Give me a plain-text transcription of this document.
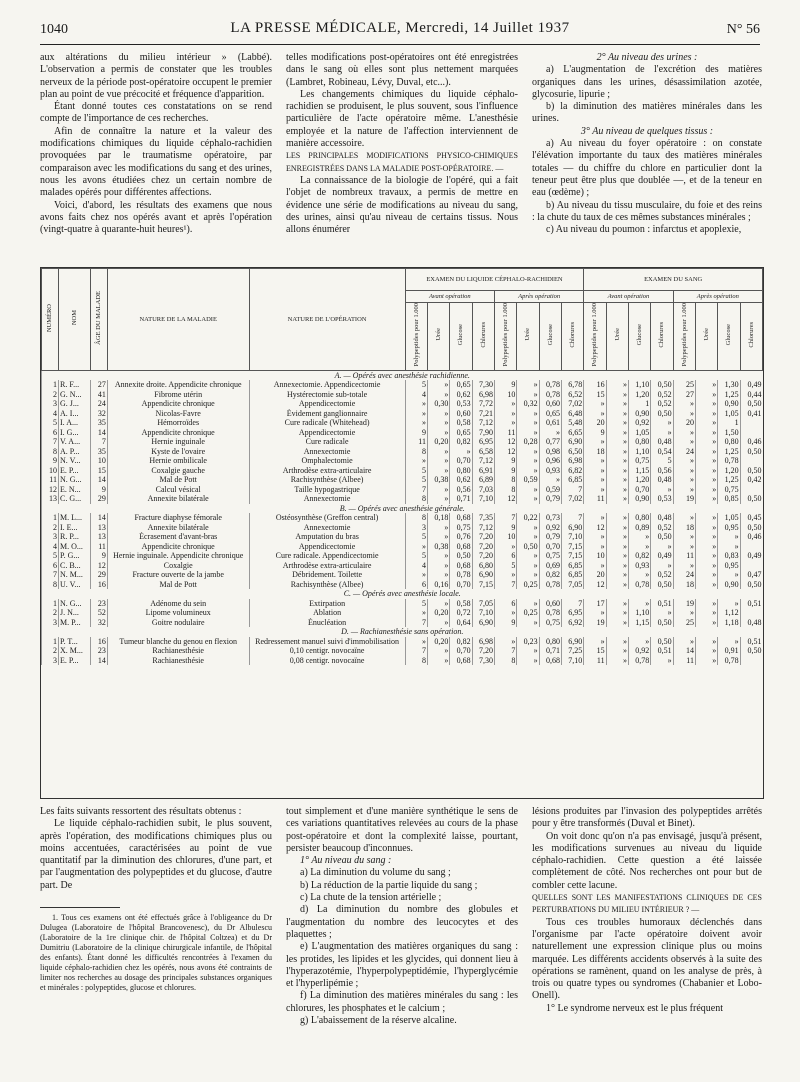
1040	LA PRESSE MÉDICALE, Mercredi, 14 Juillet 1937	N° 56

aux altérations du milieu intérieur » (Labbé). L'observation a permis de constater que les troubles nerveux de la période post-opératoire occupent le premier plan au point de vue précocité et fréquence d'apparition.

Étant donné toutes ces constatations on se rend compte de l'importance de ces recherches.

Afin de connaître la nature et la valeur des modifications chimiques du liquide céphalo-rachidien provoquées par le traumatisme opératoire, par comparaison avec les modifications du sang et des urines, nous les avons étudiées chez un certain nombre de malades opérés pour différentes affections.

Voici, d'abord, les résultats des examens que nous avons faits chez nos opérés avant et après l'opération (vingt-quatre à quarante-huit heures¹).

telles modifications post-opératoires ont été enregistrées dans le sang où elles sont plus nettement marquées (Lambret, Robineau, Lévy, Duval, etc...).

Les changements chimiques du liquide céphalo-rachidien se produisent, le plus souvent, sous l'influence particulière de l'acte opératoire même. L'anesthésie employée et la nature de l'affection interviennent de manière accessoire.

LES PRINCIPALES MODIFICATIONS PHYSICO-CHIMIQUES ENREGISTRÉES DANS LA MALADIE POST-OPÉRATOIRE. —

La connaissance de la biologie de l'opéré, qui a fait l'objet de nombreux travaux, a permis de mettre en évidence une série de modifications au niveau du sang, des urines, ainsi qu'au niveau de certains tissus. Nous allons énumérer

2° Au niveau des urines :

a) L'augmentation de l'excrétion des matières organiques dans les urines, désassimilation azotée, glycosurie, lipurie ;

b) la diminution des matières minérales dans les urines.

3° Au niveau de quelques tissus :

a) Au niveau du foyer opératoire : on constate l'élévation importante du taux des matières minérales totales — du chiffre du chlore en particulier dont la teneur peut être plus que doublée —, et de la teneur en eau (œdème) ;

b) Au niveau du tissu musculaire, du foie et des reins : la chute du taux de ces mêmes substances minérales ;

c) Au niveau du poumon : infarctus et apoplexie,

NUMÉRO	NOM	ÂGE DU MALADE	NATURE DE LA MALADIE	NATURE DE L'OPÉRATION	EXAMEN DU LIQUIDE CÉPHALO-RACHIDIEN								EXAMEN DU SANG							
					Avant opération				Après opération				Avant opération				Après opération			
					Polypeptides pour 1.000	Urée	Glucose	Chlorures	Polypeptides pour 1.000	Urée	Glucose	Chlorures	Polypeptides pour 1.000	Urée	Glucose	Chlorures	Polypeptides pour 1.000	Urée	Glucose	Chlorures
A. — Opérés avec anesthésie rachidienne.																				
1	R. F...	27	Annexite droite. Appendicite chronique	Annexectomie. Appendicectomie	5	»	0,65	7,30	9	»	0,78	6,78	16	»	1,10	0,50	25	»	1,30	0,49
2	G. N...	41	Fibrome utérin	Hystérectomie sub-totale	4	»	0,62	6,98	10	»	0,78	6,52	15	»	1,20	0,52	27	»	1,25	0,44
3	G. J...	24	Appendicite chronique	Appendicectomie	»	0,30	0,53	7,72	»	0,32	0,60	7,02	»	»	1	0,52	»	»	0,90	0,50
4	A. I...	32	Nicolas-Favre	Évidement ganglionnaire	»	»	0,60	7,21	»	»	0,65	6,48	»	»	0,90	0,50	»	»	1,05	0,41
5	I. A...	35	Hémorroïdes	Cure radicale (Whitehead)	»	»	0,58	7,12	»	»	0,61	5,48	20	»	0,92	»	20	»	1	
6	I. G...	14	Appendicite chronique	Appendicectomie	9	»	0,65	7,90	11	»	»	6,65	9	»	1,05	»	»	»	1,50	
7	V. A...	7	Hernie inguinale	Cure radicale	11	0,20	0,82	6,95	12	0,28	0,77	6,90	»	»	0,80	0,48	»	»	0,80	0,46
8	A. P...	35	Kyste de l'ovaire	Annexectomie	8	»	»	6,58	12	»	0,98	6,50	18	»	1,10	0,54	24	»	1,25	0,50
9	N. V...	10	Hernie ombilicale	Omphalectomie	»	»	0,70	7,12	9	»	0,96	6,98	»	»	0,75	5	»	»	0,78	
10	E. P...	15	Coxalgie gauche	Arthrodèse extra-articulaire	5	»	0,80	6,91	9	»	0,93	6,82	»	»	1,15	0,56	»	»	1,20	0,50
11	N. G...	14	Mal de Pott	Rachisynthèse (Albee)	5	0,38	0,62	6,89	8	0,59	»	6,85	»	»	1,20	0,48	»	»	1,25	0,42
12	E. N...	9	Calcul vésical	Taille hypogastrique	7	»	0,56	7,03	8	»	0,59	7	»	»	0,70	»	»	»	0,75	
13	C. G...	29	Annexite bilatérale	Annexectomie	8	»	0,71	7,10	12	»	0,79	7,02	11	»	0,90	0,53	19	»	0,85	0,50
B. — Opérés avec anesthésie générale.																				
1	M. L...	14	Fracture diaphyse fémorale	Ostéosynthèse (Greffon central)	8	0,18	0,68	7,35	7	0,22	0,73	7	»	»	0,80	0,48	»	»	1,05	0,45
2	I. E...	13	Annexite bilatérale	Annexectomie	3	»	0,75	7,12	9	»	0,92	6,90	12	»	0,89	0,52	18	»	0,95	0,50
3	R. P...	13	Écrasement d'avant-bras	Amputation du bras	5	»	0,76	7,20	10	»	0,79	7,10	»	»	»	0,50	»	»	»	0,46
4	M. O...	11	Appendicite chronique	Appendicectomie	»	0,38	0,68	7,20	»	0,50	0,70	7,15	»	»	»	»	»	»	»	
5	P. G...	9	Hernie inguinale. Appendicite chronique	Cure radicale. Appendicectomie	5	»	0,50	7,20	6	»	0,75	7,15	10	»	0,82	0,49	11	»	0,83	0,49
6	C. B...	12	Coxalgie	Arthrodèse extra-articulaire	4	»	0,68	6,80	5	»	0,69	6,85	»	»	0,93	»	»	»	0,95	
7	N. M...	29	Fracture ouverte de la jambe	Débridement. Toilette	»	»	0,78	6,90	»	»	0,82	6,85	20	»	»	0,52	24	»	»	0,47
8	U. V...	16	Mal de Pott	Rachisynthèse (Albee)	6	0,16	0,70	7,15	7	0,25	0,78	7,05	12	»	0,78	0,50	18	»	0,90	0,50
C. — Opérés avec anesthésie locale.																				
1	N. G...	23	Adénome du sein	Extirpation	5	»	0,58	7,05	6	»	0,60	7	17	»	»	0,51	19	»	»	0,51
2	J. N...	52	Lipome volumineux	Ablation	»	0,20	0,72	7,10	»	0,25	0,78	6,95	»	»	1,10	»	»	»	1,12	
3	M. P...	32	Goitre nodulaire	Énucléation	7	»	0,64	6,90	9	»	0,75	6,92	19	»	1,15	0,50	25	»	1,18	0,48
D. — Rachianesthésie sans opération.																				
1	P. T...	16	Tumeur blanche du genou en flexion	Redressement manuel suivi d'immobilisation	»	0,20	0,82	6,98	»	0,23	0,80	6,90	»	»	»	0,50	»	»	»	0,51
2	X. M...	23	Rachianesthésie	0,10 centigr. novocaïne	7	»	0,70	7,20	7	»	0,71	7,25	15	»	0,92	0,51	14	»	0,91	0,50
3	E. P...	14	Rachianesthésie	0,08 centigr. novocaïne	8	»	0,68	7,30	8	»	0,68	7,10	11	»	0,78	»	11	»	0,78	

Les faits suivants ressortent des résultats obtenus :

Le liquide céphalo-rachidien subit, le plus souvent, après l'opération, des modifications chimiques plus ou moins accentuées, caractérisées au point de vue quantitatif par la diminution des chlorures, d'une part, et par l'augmentation des polypeptides et du glucose, d'autre part. De

1. Tous ces examens ont été effectués grâce à l'obligeance du Dr Dulugea (Laboratoire de l'hôpital Brancovenesc), du Dr Albulescu (Laboratoire de la 1re clinique chir. de l'hôpital Coltzea) et du Dr Dumitriu (Laboratoire de la clinique chirurgicale infantile, de l'hôpital des enfants). Étant donné les difficultés rencontrées à l'examen du liquide céphalo-rachidien chez les opérés, nous avons été contraints de limiter nos recherches au dosage des principales substances organiques et minérales : polypeptides, glucose et chlorures.

tout simplement et d'une manière synthétique le sens de ces variations quantitatives relevées au cours de la phase post-opératoire et dont la complexité laisse, pourtant, persister beaucoup d'inconnues.

1° Au niveau du sang :

a) La diminution du volume du sang ;

b) La réduction de la partie liquide du sang ;

c) La chute de la tension artérielle ;

d) La diminution du nombre des globules et l'augmentation du nombre des leucocytes et des plaquettes ;

e) L'augmentation des matières organiques du sang : les protides, les lipides et les glycides, qui donnent lieu à l'hyperazotémie, l'hyperpolypeptidémie, l'hyperglycémie et l'hyperlipémie ;

f) La diminution des matières minérales du sang : les chlorures, les phosphates et le calcium ;

g) L'abaissement de la réserve alcaline.

lésions produites par l'invasion des polypeptides arrêtés pour y être transformés (Duval et Binet).

On voit donc qu'on n'a pas envisagé, jusqu'à présent, les modifications survenues au niveau du liquide céphalo-rachidien. Cette question a été laissée complètement de côté. Nos recherches ont pour but de combler cette lacune.

QUELLES SONT LES MANIFESTATIONS CLINIQUES DE CES PERTURBATIONS DU MILIEU INTÉRIEUR ? —

Tous ces troubles humoraux déclenchés dans l'organisme par l'acte opératoire doivent avoir naturellement une expression clinique plus ou moins marquée. Les différents accidents observés à la suite des opérations se ramènent, quand on les analyse de près, à trois ou quatre types ou syndromes (Chabanier et Lobo-Onell).

1° Le syndrome nerveux est le plus fréquent
